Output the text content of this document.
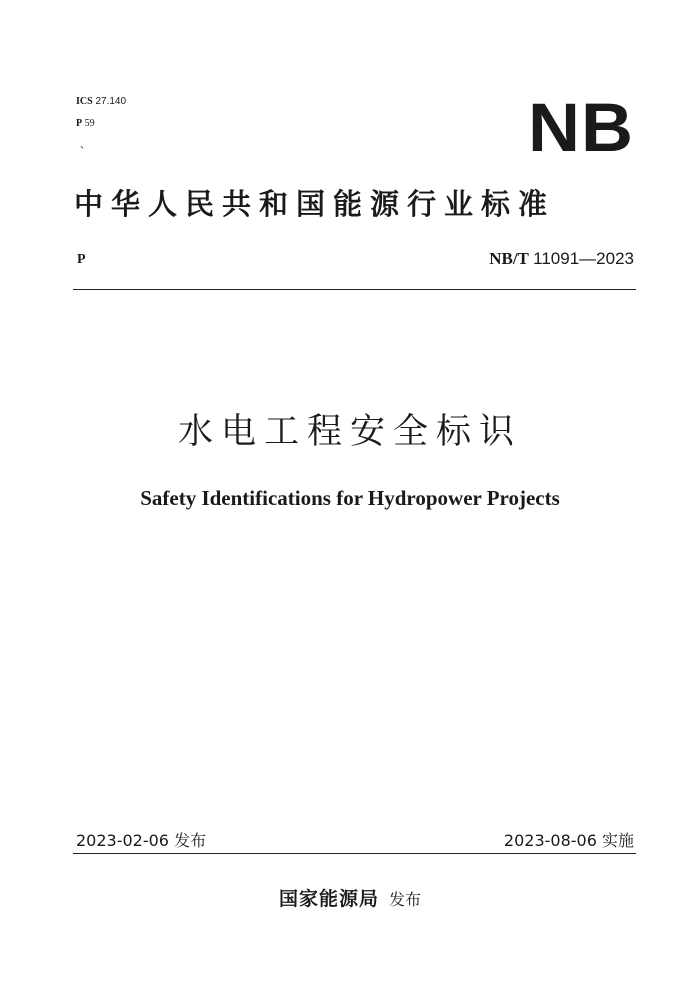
ICS 27.140
P 59
、	NB
中华人民共和国能源行业标准
P	NB/T 11091—2023
水电工程安全标识
Safety Identifications for Hydropower Projects
2023-02-06 发布	2023-08-06 实施
国家能源局 发布
